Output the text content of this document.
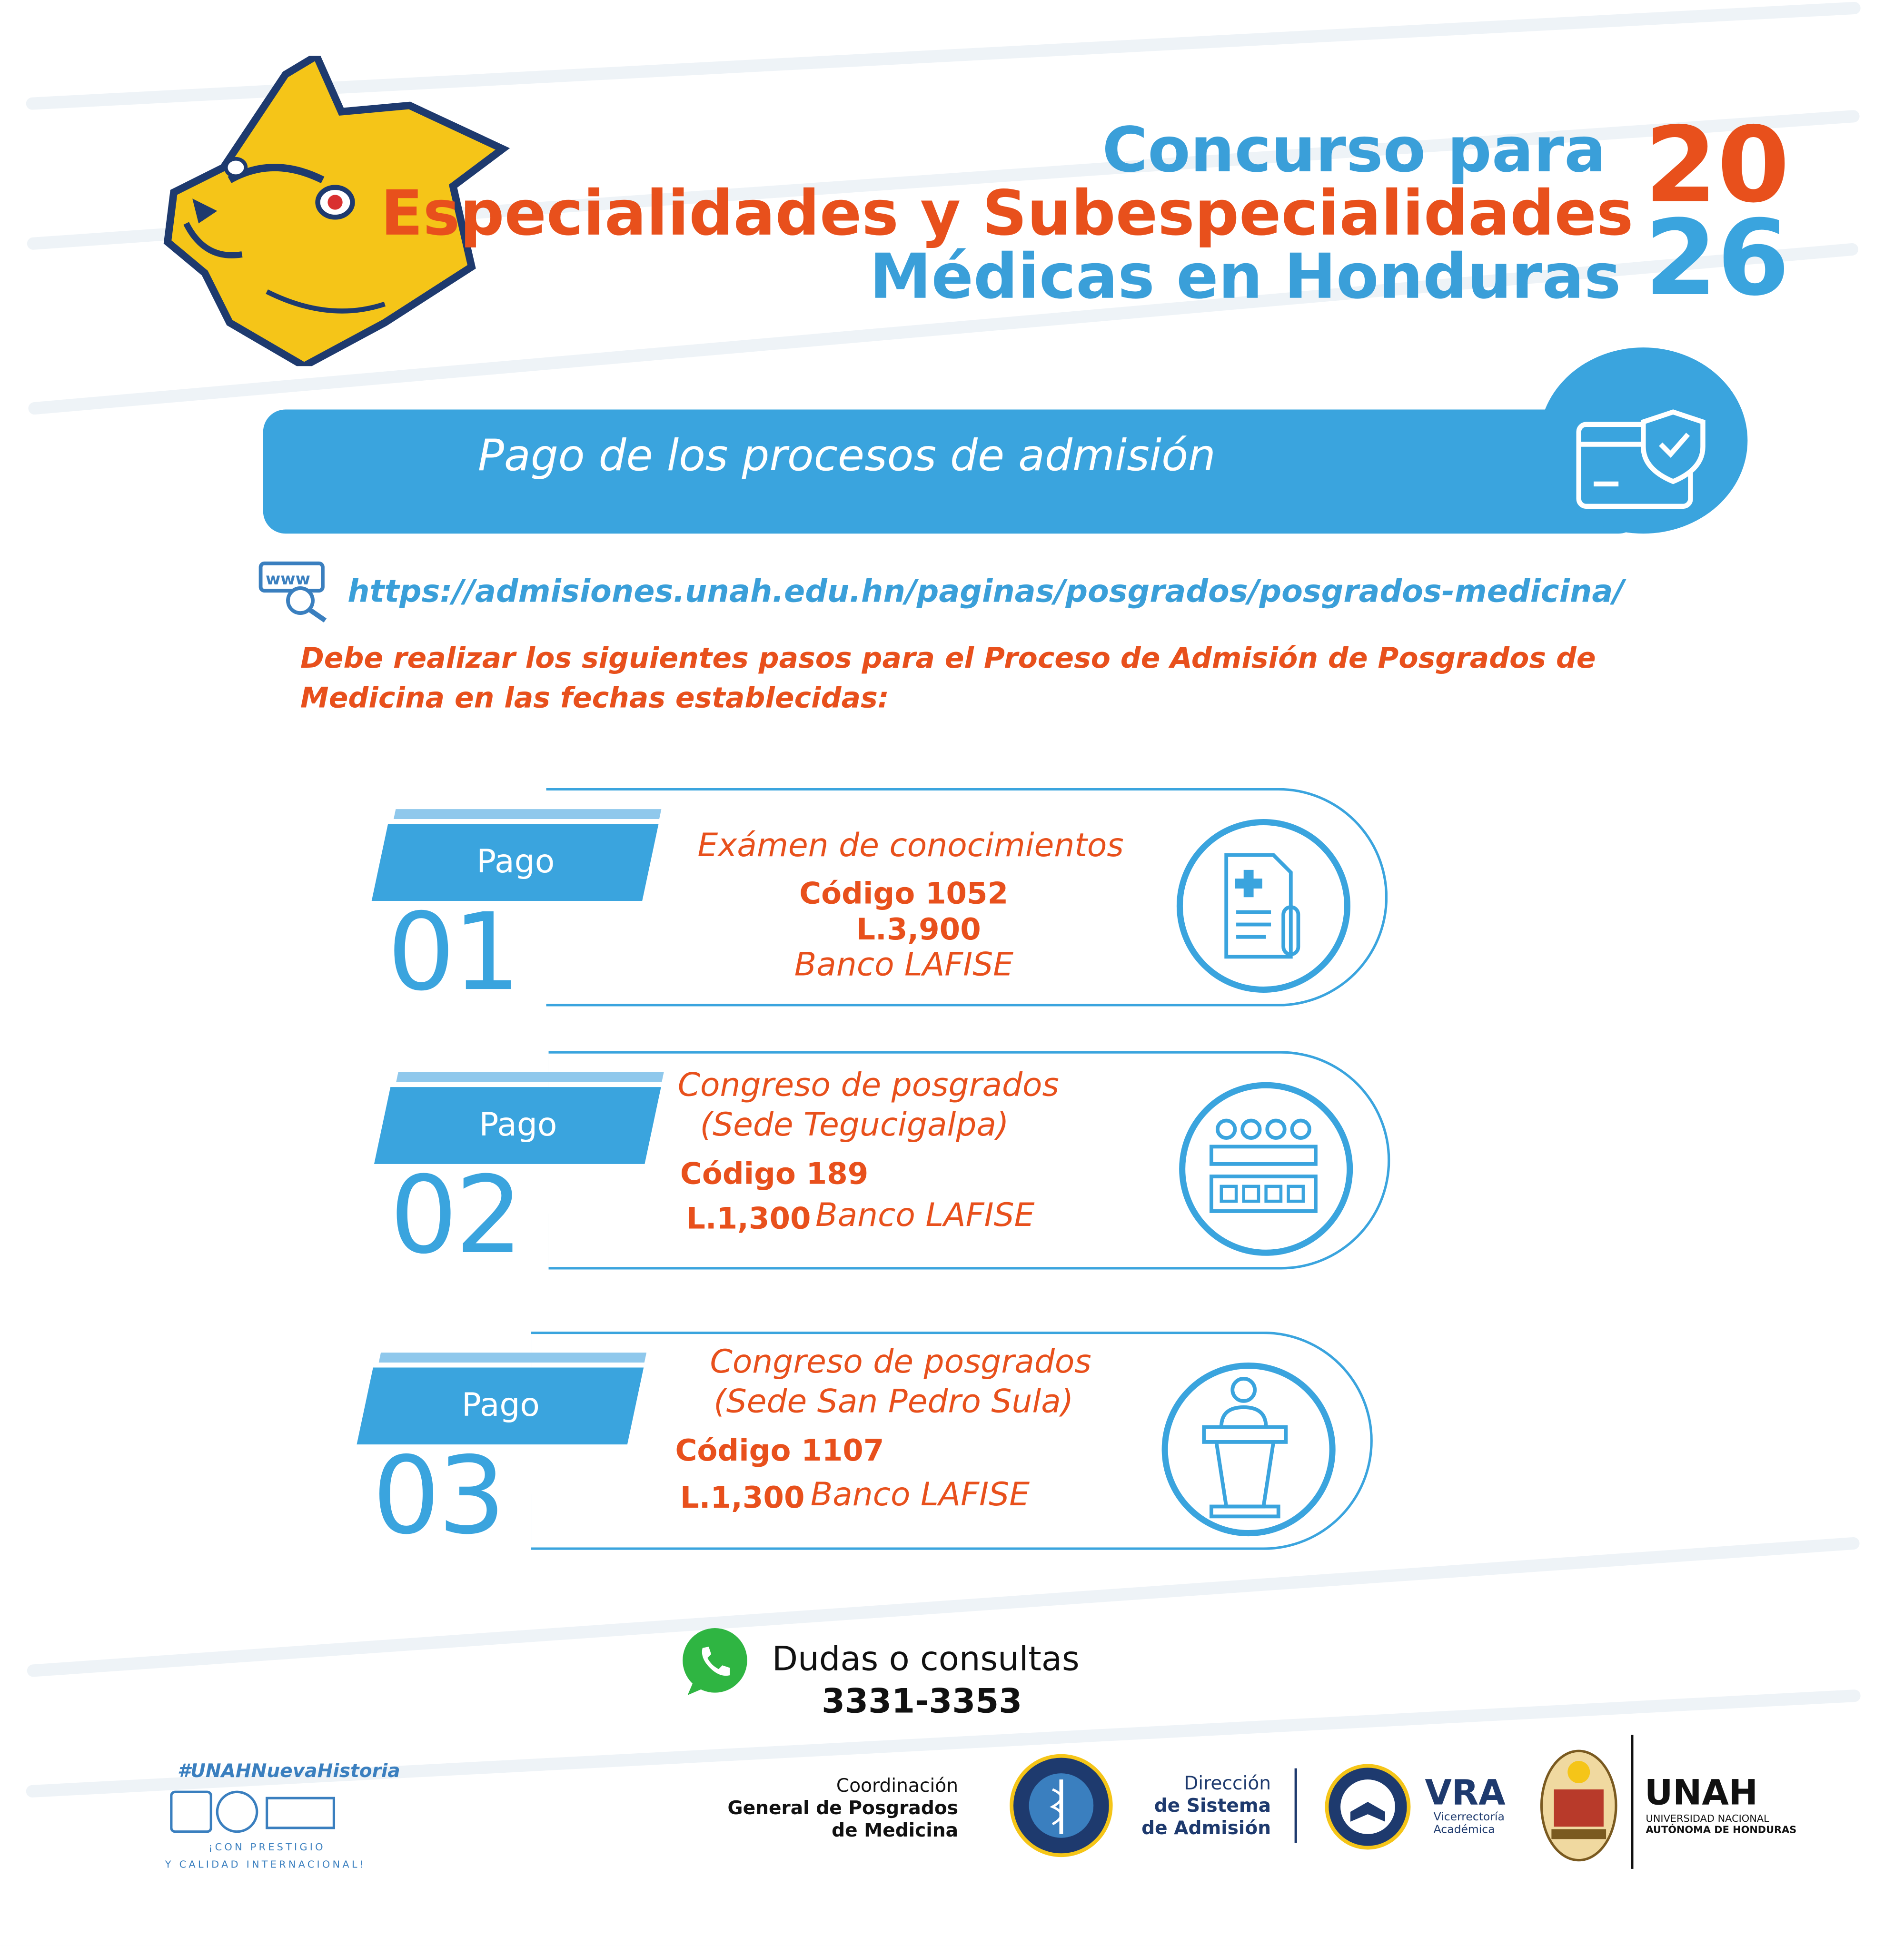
Concurso para
Especialidades y Subespecialidades
Médicas en Honduras
20
26
Pago de los procesos de admisión
www	https://admisiones.unah.edu.hn/paginas/posgrados/posgrados-medicina/
Debe realizar los siguientes pasos para el Proceso de Admisión de Posgrados de Medicina en las fechas establecidas:
Pago
01
Exámen de conocimientos
Código 1052
L.3,900
Banco LAFISE
Pago
02
Congreso de posgrados
(Sede Tegucigalpa)
Código 189
L.1,300 Banco LAFISE
Pago
03
Congreso de posgrados
(Sede San Pedro Sula)
Código 1107
L.1,300 Banco LAFISE
Dudas o consultas
3331-3353
#UNAHNuevaHistoria
¡CON PRESTIGIO
Y CALIDAD INTERNACIONAL!
Coordinación
General de Posgrados
de Medicina
Dirección
de Sistema
de Admisión
VRA
Vicerrectoría
Académica
UNAH
UNIVERSIDAD NACIONAL
AUTÓNOMA DE HONDURAS
